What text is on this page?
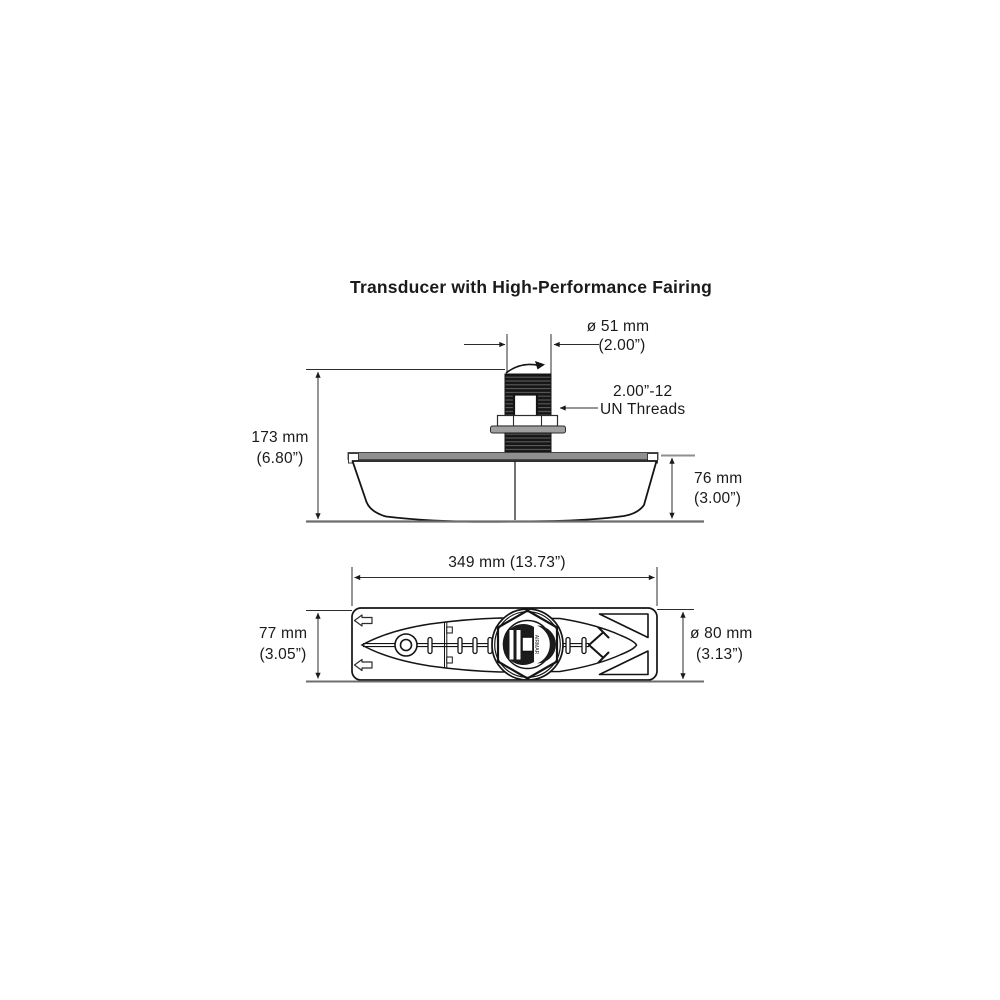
Transducer with High-Performance Fairing
ø 51 mm
(2.00”)
173 mm
(6.80”)
2.00”-12
UN Threads
76 mm
(3.00”)
349 mm (13.73”)
AIRMAR
77 mm
(3.05”)
ø 80 mm
(3.13”)
